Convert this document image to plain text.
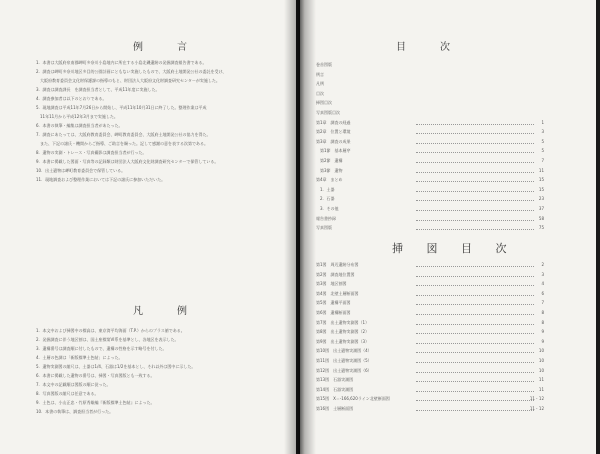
例　言
1．本書は大阪府泉南郡岬町多奈川小島地内に所在する小島北磯遺跡の発掘調査報告書である。
2．調査は岬町多奈川地区多目的公園計画にともない実施したもので、大阪府土地開発公社の委託を受け、
　大阪府教育委員会文化財保護課の指導のもと、財団法人大阪府文化財調査研究センターが実施した。
3．調査は調査課長　を調査担当者として、平成11年度に実施した。
4．調査参加者は以下のとおりである。
5．現地調査は平成11年7月26日から開始し、平成11年10月31日に終了した。整理作業は平成
　11年11月から平成12年3月まで実施した。
6．本書の執筆・編集は調査担当者があたった。
7．調査にあたっては、大阪府教育委員会、岬町教育委員会、大阪府土地開発公社の協力を得た。
　また、下記の諸氏・機関からご指導、ご助言を賜った。記して感謝の意を表する次第である。
8．遺物の実測・トレース・写真撮影は調査担当者が行った。
9．本書に掲載した図面・写真等の記録類は財団法人大阪府文化財調査研究センターで保管している。
10．出土遺物は岬町教育委員会で保管している。
11．現地調査および整理作業においては下記の諸氏に参加いただいた。
凡　例
1．本文中および挿図中の標高は、東京湾平均海面（T.P.）からのプラス値である。
2．発掘調査に伴う地区割は、国土座標第VI系を基準とし、各地区を表示した。
3．遺構番号は調査順に付したもので、遺構の性格を示す略号を付した。
4．土層の色調は「新版標準土色帖」によった。
5．遺物実測図の縮尺は、土器は1/4、石器は1/2を基本とし、それ以外は図中に示した。
6．本書に掲載した遺物の番号は、挿図・写真図版とも一致する。
7．本文中の記載順は図版の順に従った。
8．写真図版の縮尺は任意である。
9．土色は、小山正忠・竹原秀雄編『新版標準土色帖』によった。
10．本書の執筆は、調査担当者が行った。
目　次
挿 図 目 次
巻首図版
例言
凡例
目次
挿図目次
写真図版目次
第1章　調査の経過	1
第2章　位置と環境	3
第3章　調査の成果	5
　第1節　基本層序	5
　第2節　遺構	7
　第3節　遺物	11
第4章　まとめ	15
　1．土器	15
　2．石器	23
　3．その他	37
報告書抄録	58
写真図版	75
第1図　周辺遺跡分布図	2
第2図　調査地位置図	3
第3図　地区割図	4
第4図　北壁土層断面図	6
第5図　遺構平面図	7
第6図　遺構断面図	8
第7図　出土遺物実測図（1）	8
第8図　出土遺物実測図（2）	9
第9図　出土遺物実測図（3）	9
第10図　出土遺物実測図（4）	10
第11図　出土遺物実測図（5）	10
第12図　出土遺物実測図（6）	10
第13図　石器実測図	11
第14図　石器実測図	11
第15図　X＝-166,620ライン北壁断面図	11・12
第16図　土層断面図	11・12
